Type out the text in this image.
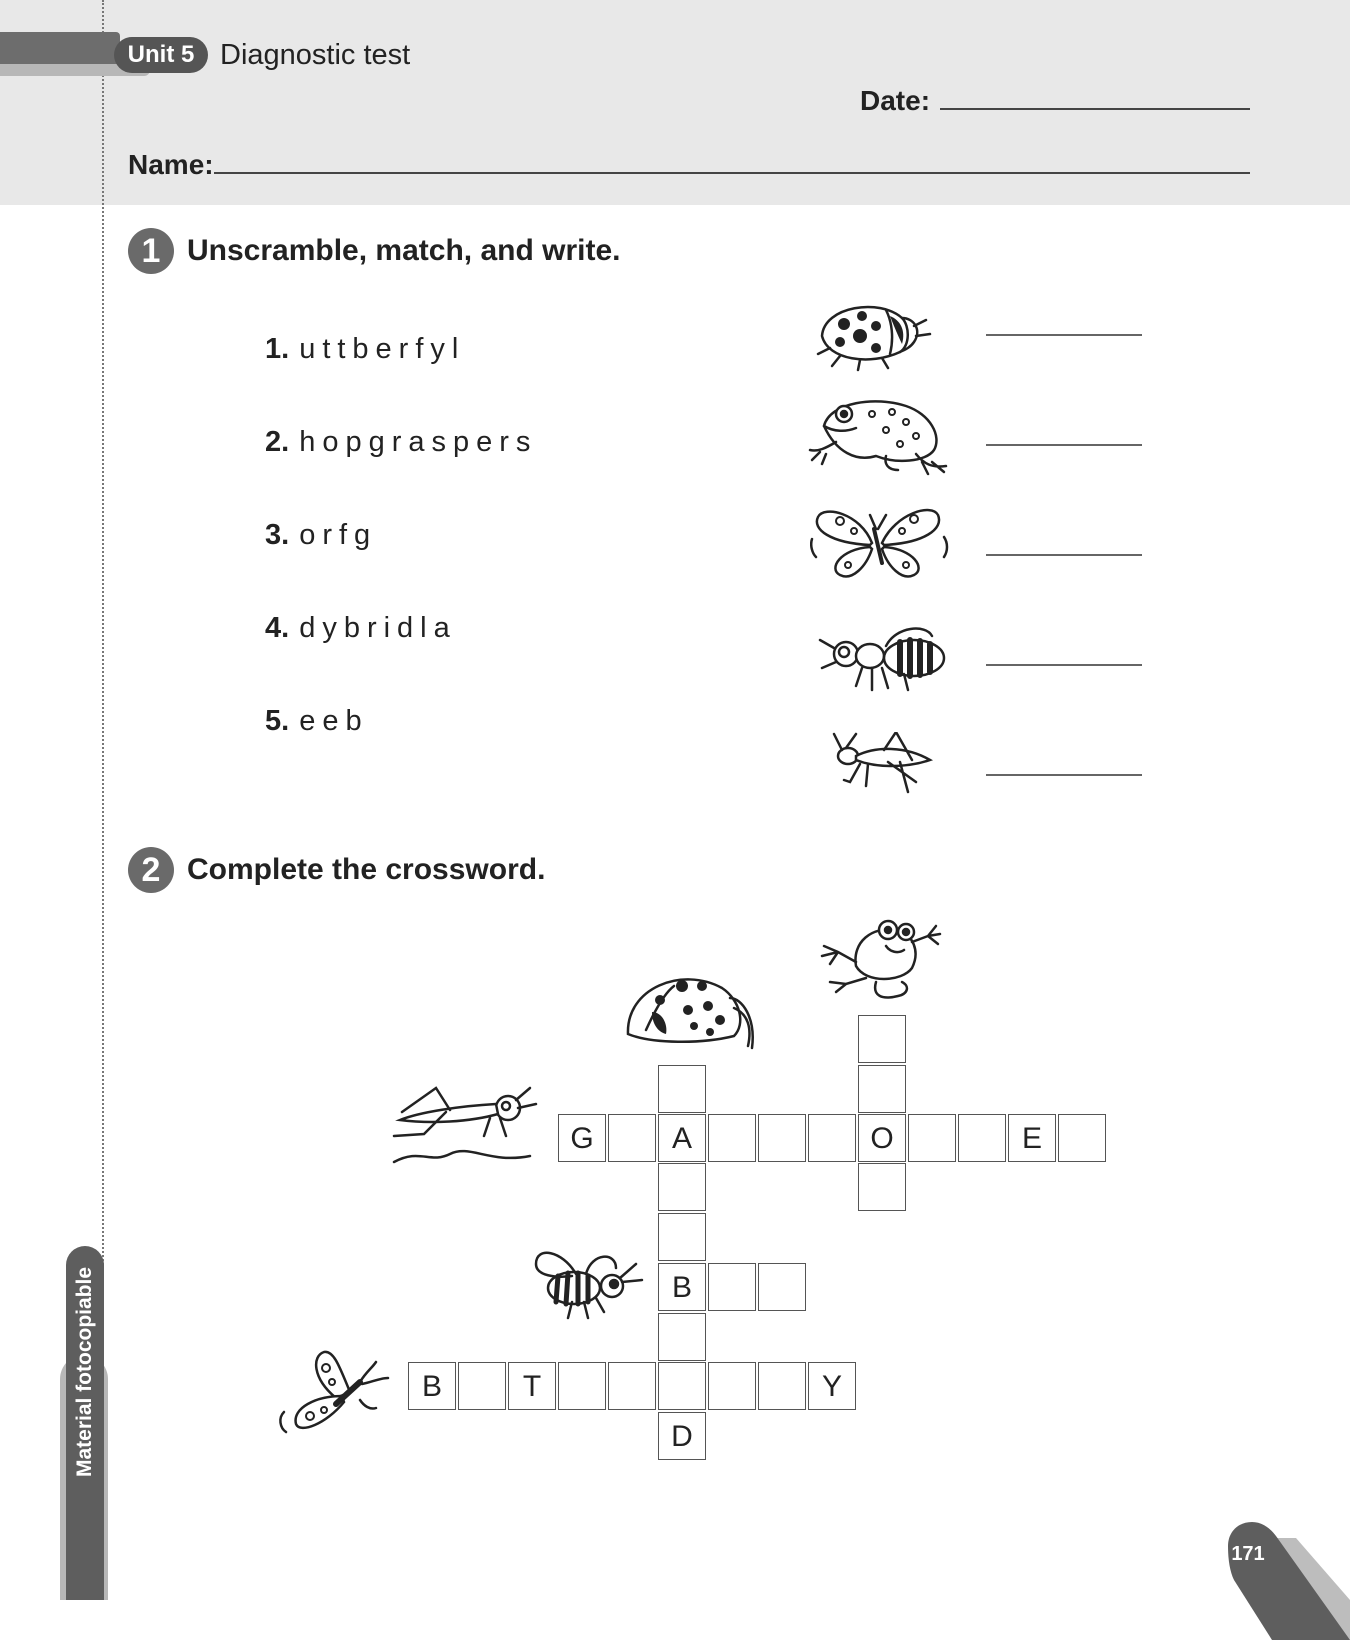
Unit 5 Diagnostic test
Date:
Name:
1 Unscramble, match, and write.
1. uttberfyl
2. hopgraspers
3. orfg
4. dybridla
5. eeb
2 Complete the crossword.
D
G	A	O	E
B
B	T	Y
Material fotocopiable
171
